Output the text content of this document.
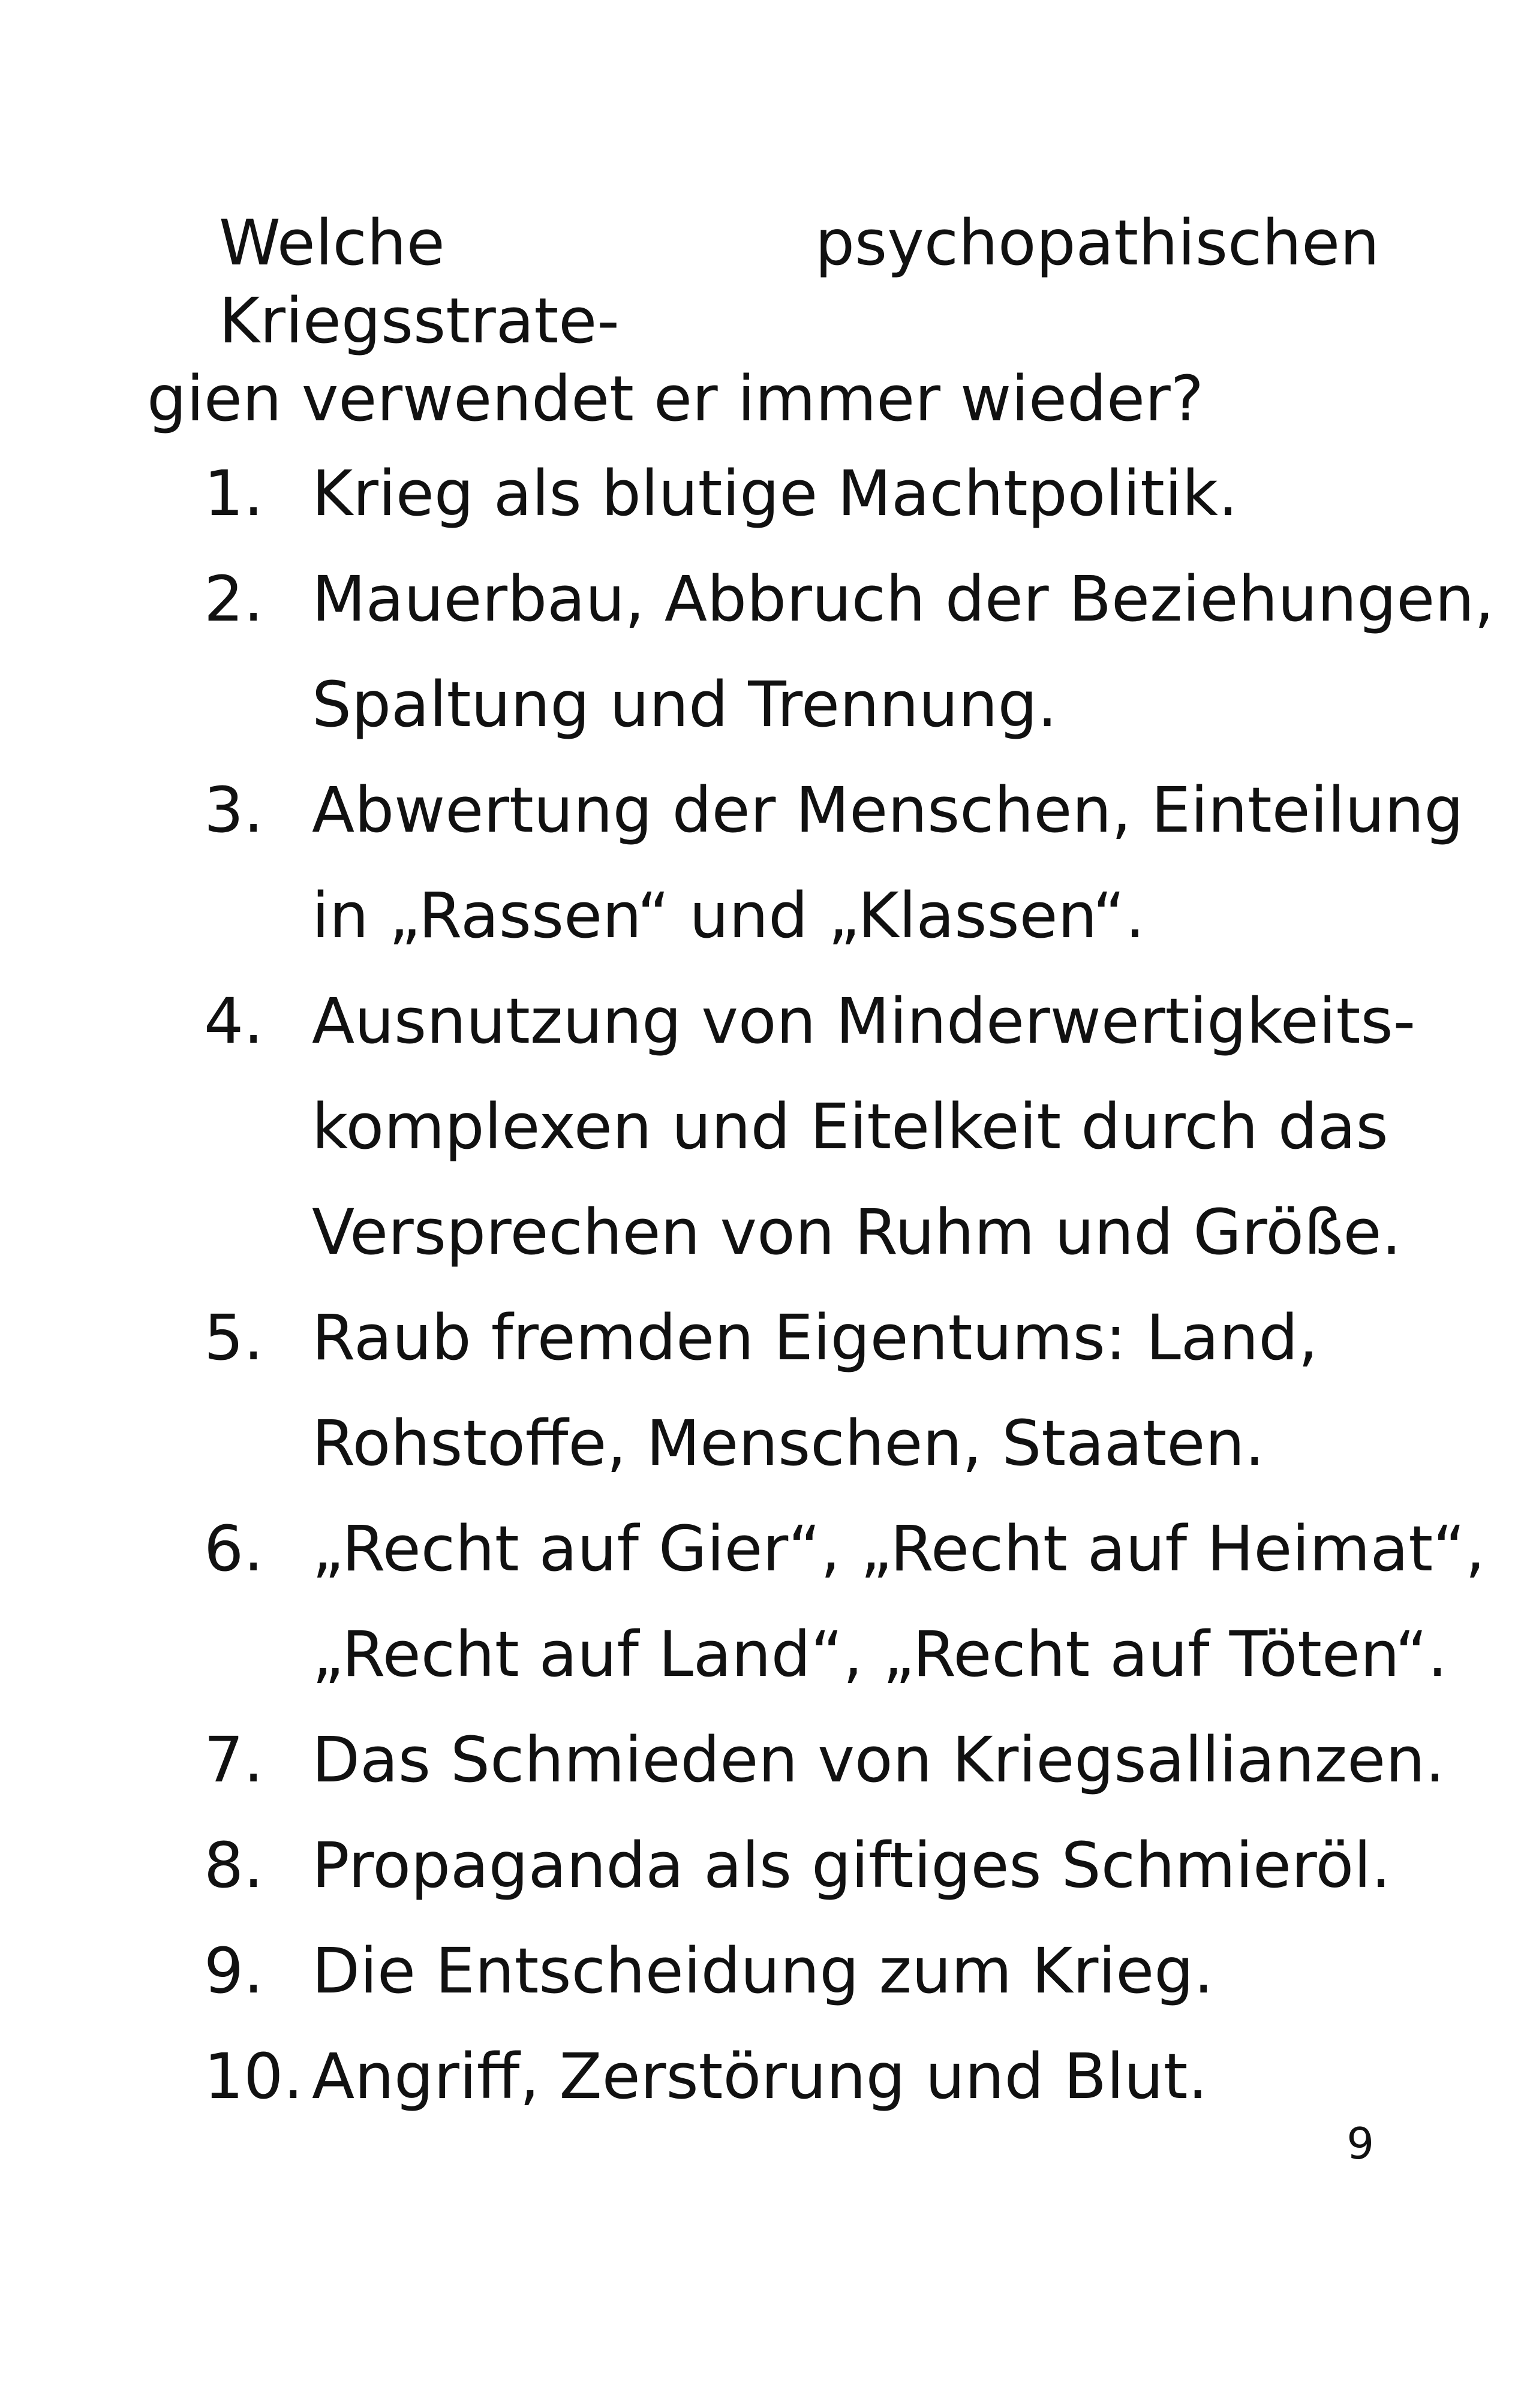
Welche psychopathischen Kriegsstrate-
gien verwendet er immer wieder?

1. Krieg als blutige Machtpolitik.
2. Mauerbau, Abbruch der Beziehungen,
Spaltung und Trennung.
3. Abwertung der Menschen, Einteilung
in „Rassen“ und „Klassen“.
4. Ausnutzung von Minderwertigkeits-
komplexen und Eitelkeit durch das
Versprechen von Ruhm und Größe.
5. Raub fremden Eigentums: Land,
Rohstoffe, Menschen, Staaten.
6. „Recht auf Gier“, „Recht auf Heimat“,
„Recht auf Land“, „Recht auf Töten“.
7. Das Schmieden von Kriegsallianzen.
8. Propaganda als giftiges Schmieröl.
9. Die Entscheidung zum Krieg.
10. Angriff, Zerstörung und Blut.
9
